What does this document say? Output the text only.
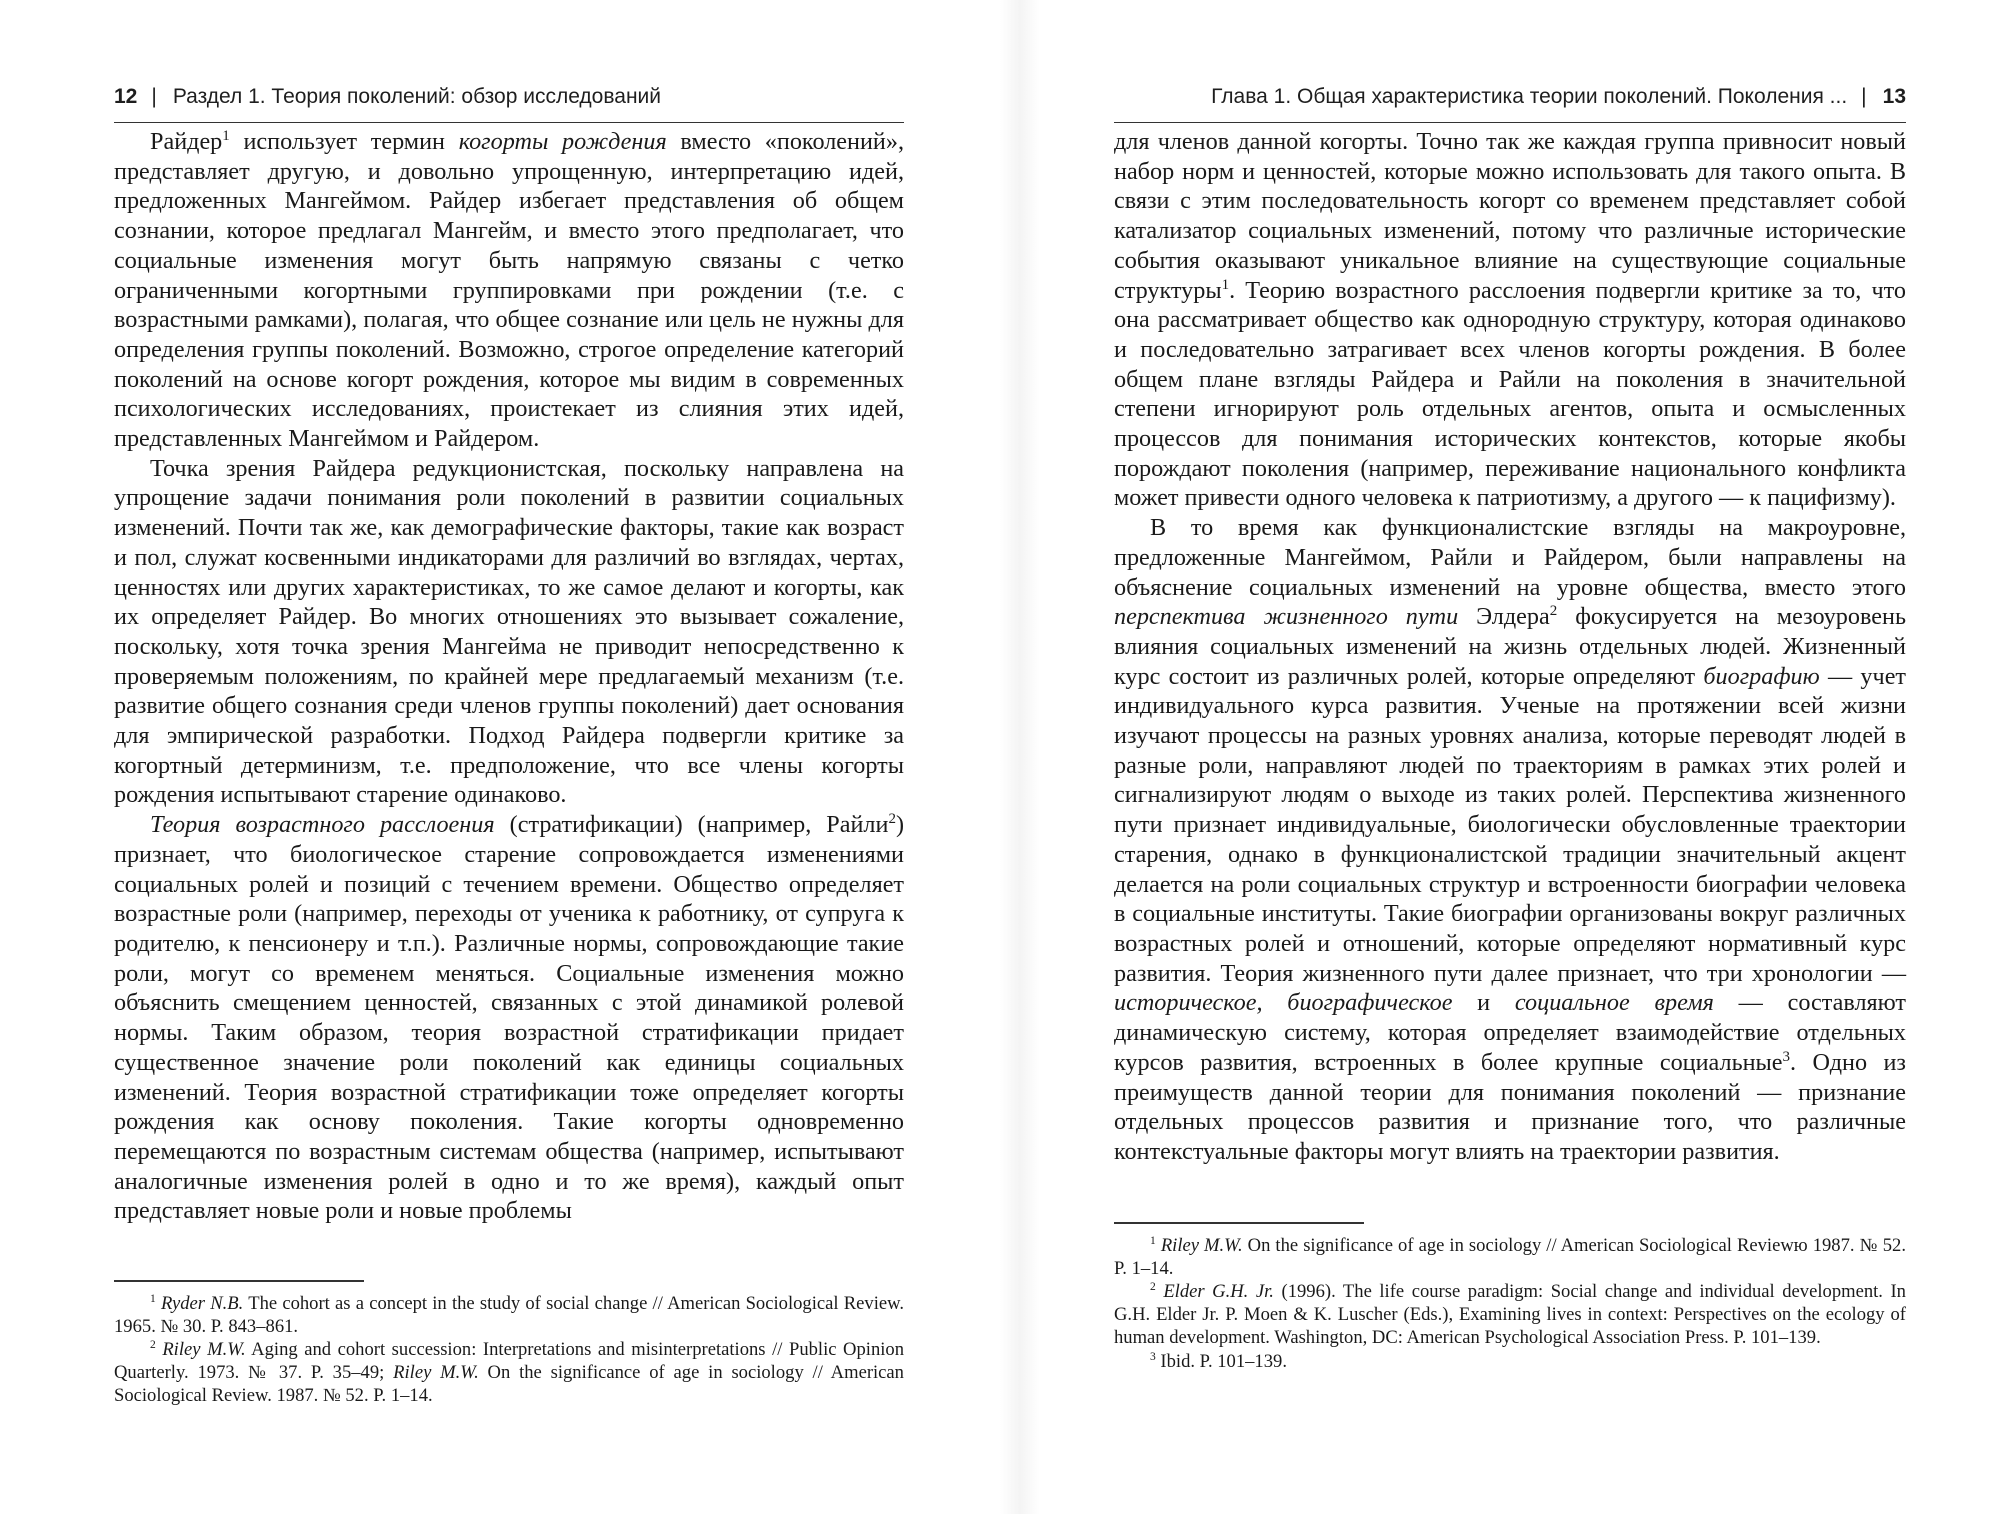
12 | Раздел 1. Теория поколений: обзор исследований

Райдер$^1$ использует термин когорты рождения вместо «поколений», представляет другую, и довольно упрощенную, интерпретацию идей, предложенных Мангеймом. Райдер избегает представления об общем сознании, которое предлагал Мангейм, и вместо этого предполагает, что социальные изменения могут быть напрямую связаны с четко ограниченными когортными группировками при рождении (т.е. с возрастными рамками), полагая, что общее сознание или цель не нужны для определения группы поколений. Возможно, строгое определение категорий поколений на основе когорт рождения, которое мы видим в современных психологических исследованиях, проистекает из слияния этих идей, представленных Мангеймом и Райдером.

Точка зрения Райдера редукционистская, поскольку направлена на упрощение задачи понимания роли поколений в развитии социальных изменений. Почти так же, как демографические факторы, такие как возраст и пол, служат косвенными индикаторами для различий во взглядах, чертах, ценностях или других характеристиках, то же самое делают и когорты, как их определяет Райдер. Во многих отношениях это вызывает сожаление, поскольку, хотя точка зрения Мангейма не приводит непосредственно к проверяемым положениям, по крайней мере предлагаемый механизм (т.е. развитие общего сознания среди членов группы поколений) дает основания для эмпирической разработки. Подход Райдера подвергли критике за когортный детерминизм, т.е. предположение, что все члены когорты рождения испытывают старение одинаково.

Теория возрастного расслоения (стратификации) (например, Райли$^2$) признает, что биологическое старение сопровождается изменениями социальных ролей и позиций с течением времени. Общество определяет возрастные роли (например, переходы от ученика к работнику, от супруга к родителю, к пенсионеру и т.п.). Различные нормы, сопровождающие такие роли, могут со временем меняться. Социальные изменения можно объяснить смещением ценностей, связанных с этой динамикой ролевой нормы. Таким образом, теория возрастной стратификации придает существенное значение роли поколений как единицы социальных изменений. Теория возрастной стратификации тоже определяет когорты рождения как основу поколения. Такие когорты одновременно перемещаются по возрастным системам общества (например, испытывают аналогичные изменения ролей в одно и то же время), каждый опыт представляет новые роли и новые проблемы

$^1$ Ryder N.B. The cohort as a concept in the study of social change // American Sociological Review. 1965. № 30. P. 843–861.

$^2$ Riley M.W. Aging and cohort succession: Interpretations and misinterpretations // Public Opinion Quarterly. 1973. № 37. P. 35–49; Riley M.W. On the significance of age in sociology // American Sociological Review. 1987. № 52. P. 1–14.

Глава 1. Общая характеристика теории поколений. Поколения ... | 13

для членов данной когорты. Точно так же каждая группа привносит новый набор норм и ценностей, которые можно использовать для такого опыта. В связи с этим последовательность когорт со временем представляет собой катализатор социальных изменений, потому что различные исторические события оказывают уникальное влияние на существующие социальные структуры$^1$. Теорию возрастного расслоения подвергли критике за то, что она рассматривает общество как однородную структуру, которая одинаково и последовательно затрагивает всех членов когорты рождения. В более общем плане взгляды Райдера и Райли на поколения в значительной степени игнорируют роль отдельных агентов, опыта и осмысленных процессов для понимания исторических контекстов, которые якобы порождают поколения (например, переживание национального конфликта может привести одного человека к патриотизму, а другого — к пацифизму).

В то время как функционалистские взгляды на макроуровне, предложенные Мангеймом, Райли и Райдером, были направлены на объяснение социальных изменений на уровне общества, вместо этого перспектива жизненного пути Элдера$^2$ фокусируется на мезоуровень влияния социальных изменений на жизнь отдельных людей. Жизненный курс состоит из различных ролей, которые определяют биографию — учет индивидуального курса развития. Ученые на протяжении всей жизни изучают процессы на разных уровнях анализа, которые переводят людей в разные роли, направляют людей по траекториям в рамках этих ролей и сигнализируют людям о выходе из таких ролей. Перспектива жизненного пути признает индивидуальные, биологически обусловленные траектории старения, однако в функционалистской традиции значительный акцент делается на роли социальных структур и встроенности биографии человека в социальные институты. Такие биографии организованы вокруг различных возрастных ролей и отношений, которые определяют нормативный курс развития. Теория жизненного пути далее признает, что три хронологии — историческое, биографическое и социальное время — составляют динамическую систему, которая определяет взаимодействие отдельных курсов развития, встроенных в более крупные социальные$^3$. Одно из преимуществ данной теории для понимания поколений — признание отдельных процессов развития и признание того, что различные контекстуальные факторы могут влиять на траектории развития.

$^1$ Riley M.W. On the significance of age in sociology // American Sociological Reviewю 1987. № 52. P. 1–14.

$^2$ Elder G.H. Jr. (1996). The life course paradigm: Social change and individual development. In G.H. Elder Jr. P. Moen & K. Luscher (Eds.), Examining lives in context: Perspectives on the ecology of human development. Washington, DC: American Psychological Association Press. P. 101–139.

$^3$ Ibid. P. 101–139.
